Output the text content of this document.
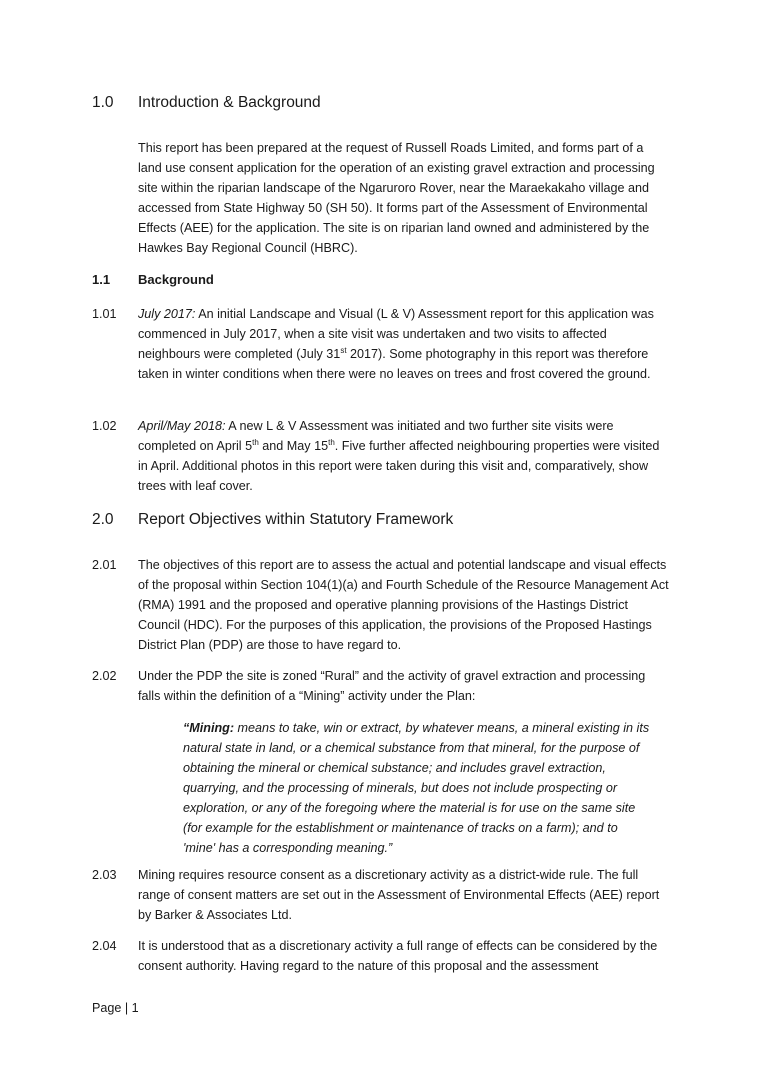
1.0 Introduction & Background
This report has been prepared at the request of Russell Roads Limited, and forms part of a land use consent application for the operation of an existing gravel extraction and processing site within the riparian landscape of the Ngaruroro Rover, near the Maraekakaho village and accessed from State Highway 50 (SH 50). It forms part of the Assessment of Environmental Effects (AEE) for the application. The site is on riparian land owned and administered by the Hawkes Bay Regional Council (HBRC).
1.1 Background
1.01 July 2017: An initial Landscape and Visual (L & V) Assessment report for this application was commenced in July 2017, when a site visit was undertaken and two visits to affected neighbours were completed (July 31st 2017). Some photography in this report was therefore taken in winter conditions when there were no leaves on trees and frost covered the ground.
1.02 April/May 2018: A new L & V Assessment was initiated and two further site visits were completed on April 5th and May 15th. Five further affected neighbouring properties were visited in April. Additional photos in this report were taken during this visit and, comparatively, show trees with leaf cover.
2.0 Report Objectives within Statutory Framework
2.01 The objectives of this report are to assess the actual and potential landscape and visual effects of the proposal within Section 104(1)(a) and Fourth Schedule of the Resource Management Act (RMA) 1991 and the proposed and operative planning provisions of the Hastings District Council (HDC). For the purposes of this application, the provisions of the Proposed Hastings District Plan (PDP) are those to have regard to.
2.02 Under the PDP the site is zoned “Rural” and the activity of gravel extraction and processing falls within the definition of a “Mining” activity under the Plan:
“Mining: means to take, win or extract, by whatever means, a mineral existing in its natural state in land, or a chemical substance from that mineral, for the purpose of obtaining the mineral or chemical substance; and includes gravel extraction, quarrying, and the processing of minerals, but does not include prospecting or exploration, or any of the foregoing where the material is for use on the same site (for example for the establishment or maintenance of tracks on a farm); and to 'mine' has a corresponding meaning.”
2.03 Mining requires resource consent as a discretionary activity as a district-wide rule. The full range of consent matters are set out in the Assessment of Environmental Effects (AEE) report by Barker & Associates Ltd.
2.04 It is understood that as a discretionary activity a full range of effects can be considered by the consent authority. Having regard to the nature of this proposal and the assessment
Page | 1
